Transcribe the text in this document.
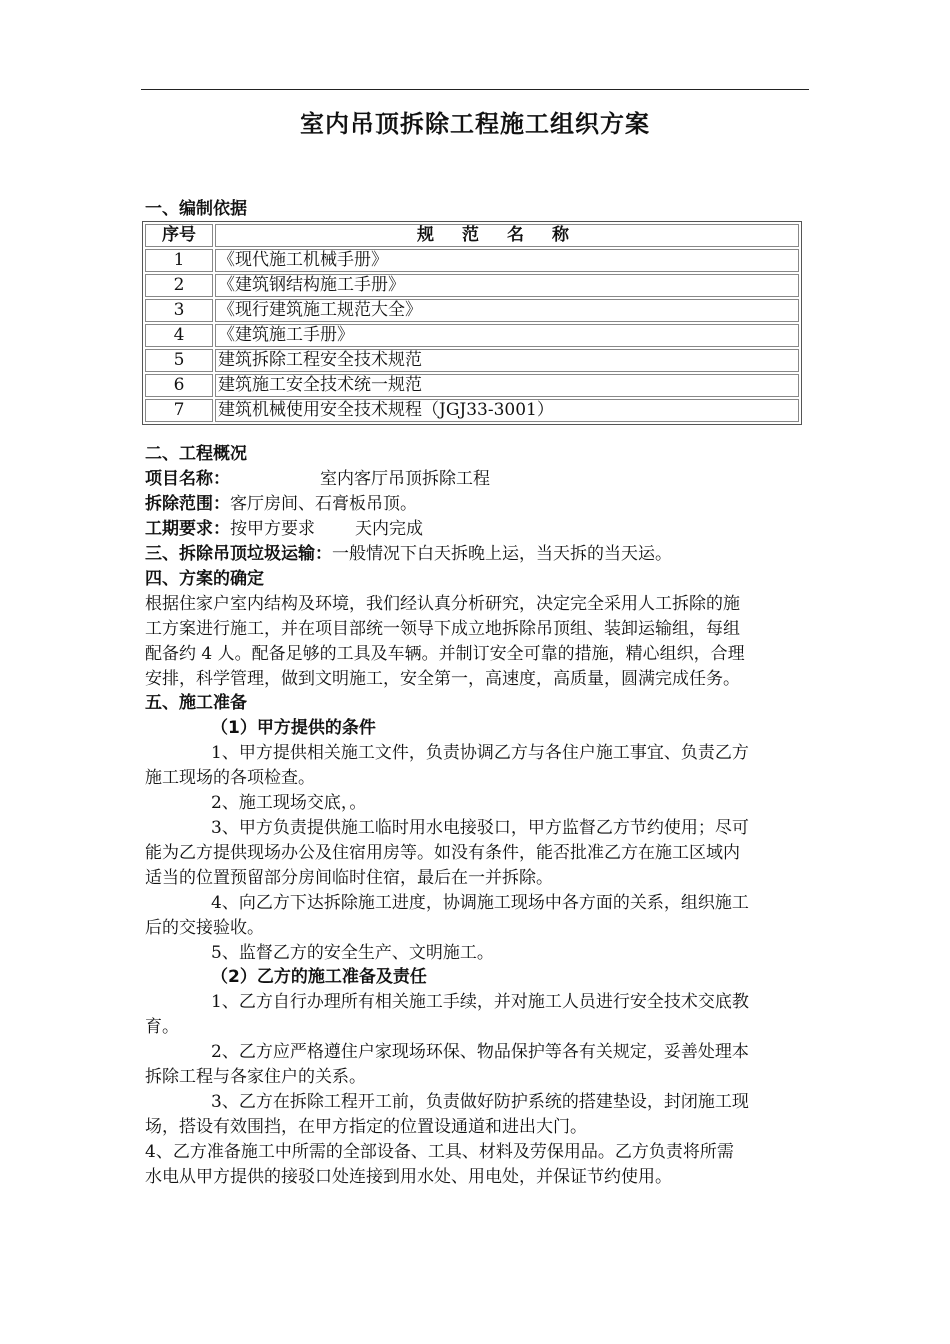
室内吊顶拆除工程施工组织方案
一、编制依据
序号	规范名称
1	《现代施工机械手册》
2	《建筑钢结构施工手册》
3	《现行建筑施工规范大全》
4	《建筑施工手册》
5	建筑拆除工程安全技术规范
6	建筑施工安全技术统一规范
7	建筑机械使用安全技术规程（JGJ33-3001）
二、工程概况
项目名称：	室内客厅吊顶拆除工程
拆除范围：客厅房间、石膏板吊顶。
工期要求：按甲方要求 天内完成
三、拆除吊顶垃圾运输：一般情况下白天拆晚上运，当天拆的当天运。
四、方案的确定
根据住家户室内结构及环境，我们经认真分析研究，决定完全采用人工拆除的施
工方案进行施工，并在项目部统一领导下成立地拆除吊顶组、装卸运输组，每组
配备约 4 人。配备足够的工具及车辆。并制订安全可靠的措施，精心组织，合理
安排，科学管理，做到文明施工，安全第一，高速度，高质量，圆满完成任务。
五、施工准备
（1）甲方提供的条件
1、甲方提供相关施工文件，负责协调乙方与各住户施工事宜、负责乙方
施工现场的各项检查。
2、施工现场交底，。
3、甲方负责提供施工临时用水电接驳口，甲方监督乙方节约使用；尽可
能为乙方提供现场办公及住宿用房等。如没有条件，能否批准乙方在施工区域内
适当的位置预留部分房间临时住宿，最后在一并拆除。
4、向乙方下达拆除施工进度，协调施工现场中各方面的关系，组织施工
后的交接验收。
5、监督乙方的安全生产、文明施工。
（2）乙方的施工准备及责任
1、乙方自行办理所有相关施工手续，并对施工人员进行安全技术交底教
育。
2、乙方应严格遵住户家现场环保、物品保护等各有关规定，妥善处理本
拆除工程与各家住户的关系。
3、乙方在拆除工程开工前，负责做好防护系统的搭建垫设，封闭施工现
场，搭设有效围挡，在甲方指定的位置设通道和进出大门。
4、乙方准备施工中所需的全部设备、工具、材料及劳保用品。乙方负责将所需
水电从甲方提供的接驳口处连接到用水处、用电处，并保证节约使用。
